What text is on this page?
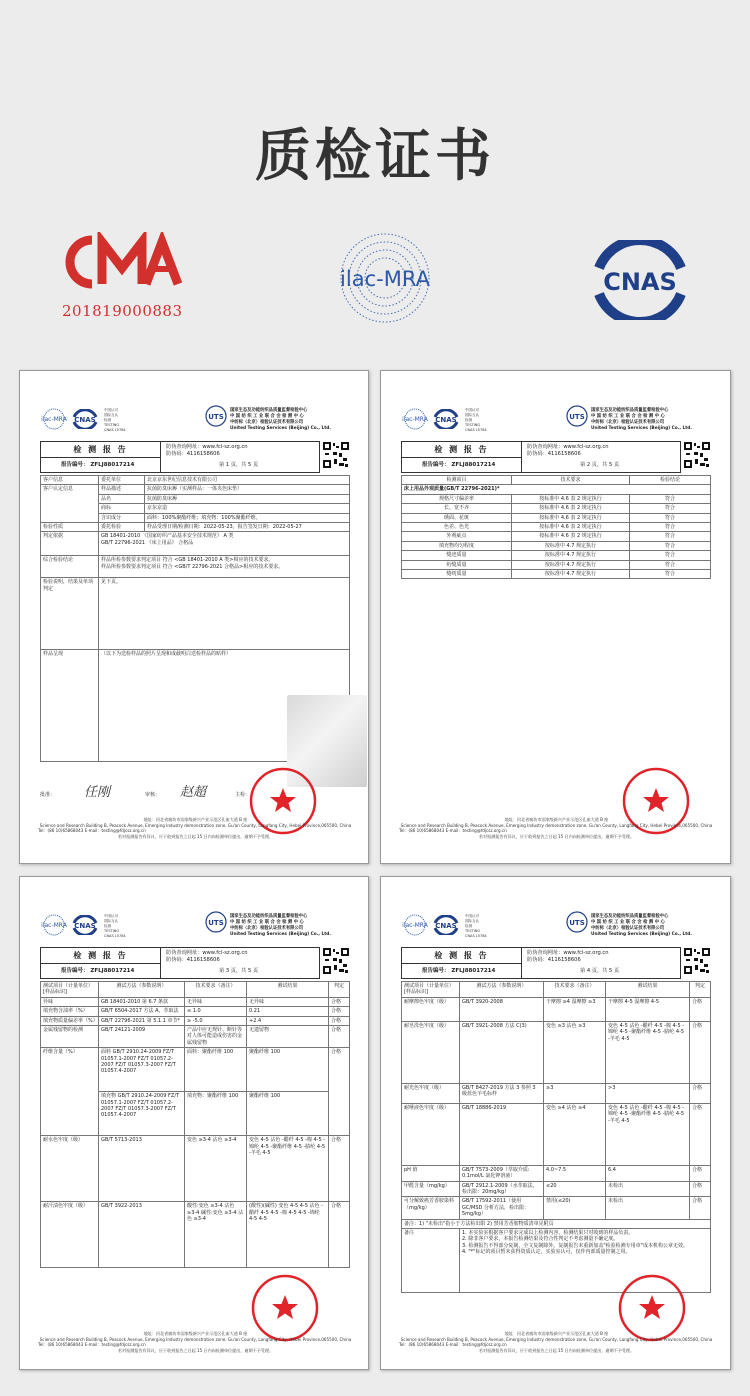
质检证书
201819000883
ilac-MRA	CNAS
ilac-MRA CNAS
中国认可
国际互认
检测
TESTING
CNAS L5784
UTS
国家生态及功能纺织品质量监督检验中心
中 国 纺 织 工 业 联 合 会 检 测 中 心
中纺标（北京）检验认证技术有限公司
United Testing Services (Beijing) Co., Ltd.
检 测 报 告
报告编号： ZFLJ88017214
防伪查询网址：www.fcl-sz.org.cn
防伪码：4116158606
第 1 页，共 5 页
客户信息	委托单位	北京京东世纪信息技术有限公司
客户认定信息	样品描述	抗菌防臭床褥（实测样品：一体夹色床垫）
	品名	抗菌防臭床褥
	商标	京东京造
	含识成分	面料：100%聚酯纤维；填充物：100%聚酯纤维。
检验性质	委托检验	样品受理日期/检测日期：2022-05-23，报告签发日期：2022-05-27
判定依据	GB 18401-2010 《国家纺织产品基本安全技术规范》 A 类
GB/T 22796-2021 《床上用品》 合格品	

综合检验结论	样品所检参数要求判定项目 符合 <GB 18401-2010 A 类>相应的技术要求。
样品所检参数要求判定项目 符合 <GB/T 22796-2021 合格品>相应的技术要求。	

检验说明，结果及单项判定	见下页。	
样品呈现	（以下为送检样品的照片呈现和成截明白送检样品的贴样）	
批准： 任刚	审核： 赵超	主检：
地址：河北省廊坊市国家级新兴产业示范区孔雀大道 B 座
Science and Research Building B, Peacock Avenue, Emerging Industry demonstration zone, Gu'an County, Langfang City, Hebei Province,065500, China
Tel：(86 10)65868043 E-mail：testing@fdjcsz.org.cn
若对检测报告有异议，应于收到报告之日起 15 日内向检测单位提出，逾期不予受理。
ilac-MRA CNAS
中国认可
国际互认
检测
TESTING
CNAS L5784
UTS
国家生态及功能纺织品质量监督检验中心
中 国 纺 织 工 业 联 合 会 检 测 中 心
中纺标（北京）检验认证技术有限公司
United Testing Services (Beijing) Co., Ltd.
检 测 报 告
报告编号： ZFLJ88017214
防伪查询网址：www.fcl-sz.org.cn
防伪码：4116158606
第 2 页，共 5 页
检测项目	技术要求	检验结论
床上用品外观质量(GB/T 22796-2021)*		
规格尺寸偏差率	按标准中 4.6 表 2 规定执行	符合
长、宽不齐	按标准中 4.6 表 2 规定执行	符合
绣面、花斑	按标准中 4.6 表 2 规定执行	符合
色差、色光	按标准中 4.6 表 2 规定执行	符合
外观疵点	按标准中 4.6 表 2 规定执行	符合
填充物均匀程度	按标准中 4.7 规定执行	符合
缝迹质量	按标准中 4.7 规定执行	符合
绗缝质量	按标准中 4.7 规定执行	符合
缝纫质量	按标准中 4.7 规定执行	符合
地址：河北省廊坊市国家级新兴产业示范区孔雀大道 B 座
Science and Research Building B, Peacock Avenue, Emerging Industry demonstration zone, Gu'an County, Langfang City, Hebei Province,065500, China
Tel：(86 10)65868043 E-mail：testing@fdjcsz.org.cn
若对检测报告有异议，应于收到报告之日起 15 日内向检测单位提出，逾期不予受理。
ilac-MRA CNAS
中国认可
国际互认
检测
TESTING
CNAS L5784
UTS
国家生态及功能纺织品质量监督检验中心
中 国 纺 织 工 业 联 合 会 检 测 中 心
中纺标（北京）检验认证技术有限公司
United Testing Services (Beijing) Co., Ltd.
检 测 报 告
报告编号： ZFLJ88017214
防伪查询网址：www.fcl-sz.org.cn
防伪码：4116158606
第 3 页，共 5 页
测试项目（计量单位）[样品标识]	测试方法（参数说明）	技术要求（备注）	测试结果	判定
异味	GB 18401-2010 第 6.7 条款	无异味	无异味	合格
填充物含油率（%）	GB/T 6504-2017 方法 A，萃取法	≤ 1.0	0.21	合格
填充物质量偏差率（%）	GB/T 22796-2021 第 5.1.1 章节*	≥ -5.0	+2.4	合格
金属残留物的检测	GB/T 24121-2009	产品中应无规针、断针等对人体可能造成伤害的金属残留物	无遗留物	合格
纤维含量（%）	面料 GB/T 2910.24-2009 FZ/T 01057.1-2007 FZ/T 01057.2-2007 FZ/T 01057.3-2007 FZ/T 01057.4-2007	面料：聚酯纤维 100	聚酯纤维 100	合格
	填充物 GB/T 2910.24-2009 FZ/T 01057.1-2007 FZ/T 01057.2-2007 FZ/T 01057.3-2007 FZ/T 01057.4-2007	填充物：聚酯纤维 100	聚酯纤维 100	
耐水色牢度（级）	GB/T 5713-2013	变色 ≥3-4 沾色 ≥3-4	变色 4-5 沾色 -醋纤 4-5 -棉 4-5 -锦纶 4-5 -聚酯纤维 4-5 -腈纶 4-5 -羊毛 4-5	合格
耐汗渍色牢度（级）	GB/T 3922-2013	酸性:变色 ≥3-4 沾色 ≥3-4 碱性:变色 ≥3-4 沾色 ≥3-4	(酸性)(碱性) 变色 4-5 4-5 沾色 -醋纤 4-5 4-5 -棉 4-5 4-5 -锦纶 4-5 4-5	合格
地址：河北省廊坊市国家级新兴产业示范区孔雀大道 B 座
Science and Research Building B, Peacock Avenue, Emerging Industry demonstration zone, Gu'an County, Langfang City, Hebei Province,065500, China
Tel：(86 10)65868043 E-mail：testing@fdjcsz.org.cn
若对检测报告有异议，应于收到报告之日起 15 日内向检测单位提出，逾期不予受理。
ilac-MRA CNAS
中国认可
国际互认
检测
TESTING
CNAS L5784
UTS
国家生态及功能纺织品质量监督检验中心
中 国 纺 织 工 业 联 合 会 检 测 中 心
中纺标（北京）检验认证技术有限公司
United Testing Services (Beijing) Co., Ltd.
检 测 报 告
报告编号： ZFLJ88017214
防伪查询网址：www.fcl-sz.org.cn
防伪码：4116158606
第 4 页，共 5 页
测试项目（计量单位）[样品标识]	测试方法（参数说明）	技术要求（备注）	测试结果	判定
耐摩擦色牢度（级）	GB/T 3920-2008	干摩擦 ≥4 湿摩擦 ≥3	干摩擦 4-5 湿摩擦 4-5	合格
耐皂洗色牢度（级）	GB/T 3921-2008 方法 C(3)	变色 ≥3 沾色 ≥3	变色 4-5 沾色 -醋纤 4-5 -棉 4-5 -锦纶 4-5 -聚酯纤维 4-5 -腈纶 4-5 -羊毛 4-5	合格
耐光色牢度（级）	GB/T 8427-2019 方法 3 参照 3 级蓝色羊毛标样	≥3	>3	合格
耐唾液色牢度（级）	GB/T 18886-2019	变色 ≥4 沾色 ≥4	变色 4-5 沾色 -醋纤 4-5 -棉 4-5 -锦纶 4-5 -聚酯纤维 4-5 -腈纶 4-5 -羊毛 4-5	合格
pH 值	GB/T 7573-2009（萃取介质: 0.1mol/L 氯化钾溶液）	4.0~7.5	6.4	合格
甲醛含量（mg/kg）	GB/T 2912.1-2009（水萃取法，检出限：20mg/kg）	≤20	未检出	合格
可分解致癌芳香胺染料（mg/kg）	GB/T 17592-2011（使用 GC/MSD 分析方法，检出限：5mg/kg）	禁用(≤20)	未检出	合格
备注：1) "未检出"指小于方法检出限 2) 禁用芳香胺物质清单见附页				
备注	1. 本实验室根据客户要求完成以上检测内容，检测结果只对收到的样品负责。
2. 除非客户要求，本报告检测结果及符合性判定不考虑测量不确定度。
3. 检测报告不得部分复制，全文复制除外。复制报告未重新加盖"检验检测专用章"成本机构公章无效。
4. "*"标记的项目暂未获得资质认定，实验室认可，仅作内部质量控制之用。			
地址：河北省廊坊市国家级新兴产业示范区孔雀大道 B 座
Science and Research Building B, Peacock Avenue, Emerging Industry demonstration zone, Gu'an County, Langfang City, Hebei Province,065500, China
Tel：(86 10)65868043 E-mail：testing@fdjcsz.org.cn
若对检测报告有异议，应于收到报告之日起 15 日内向检测单位提出，逾期不予受理。
